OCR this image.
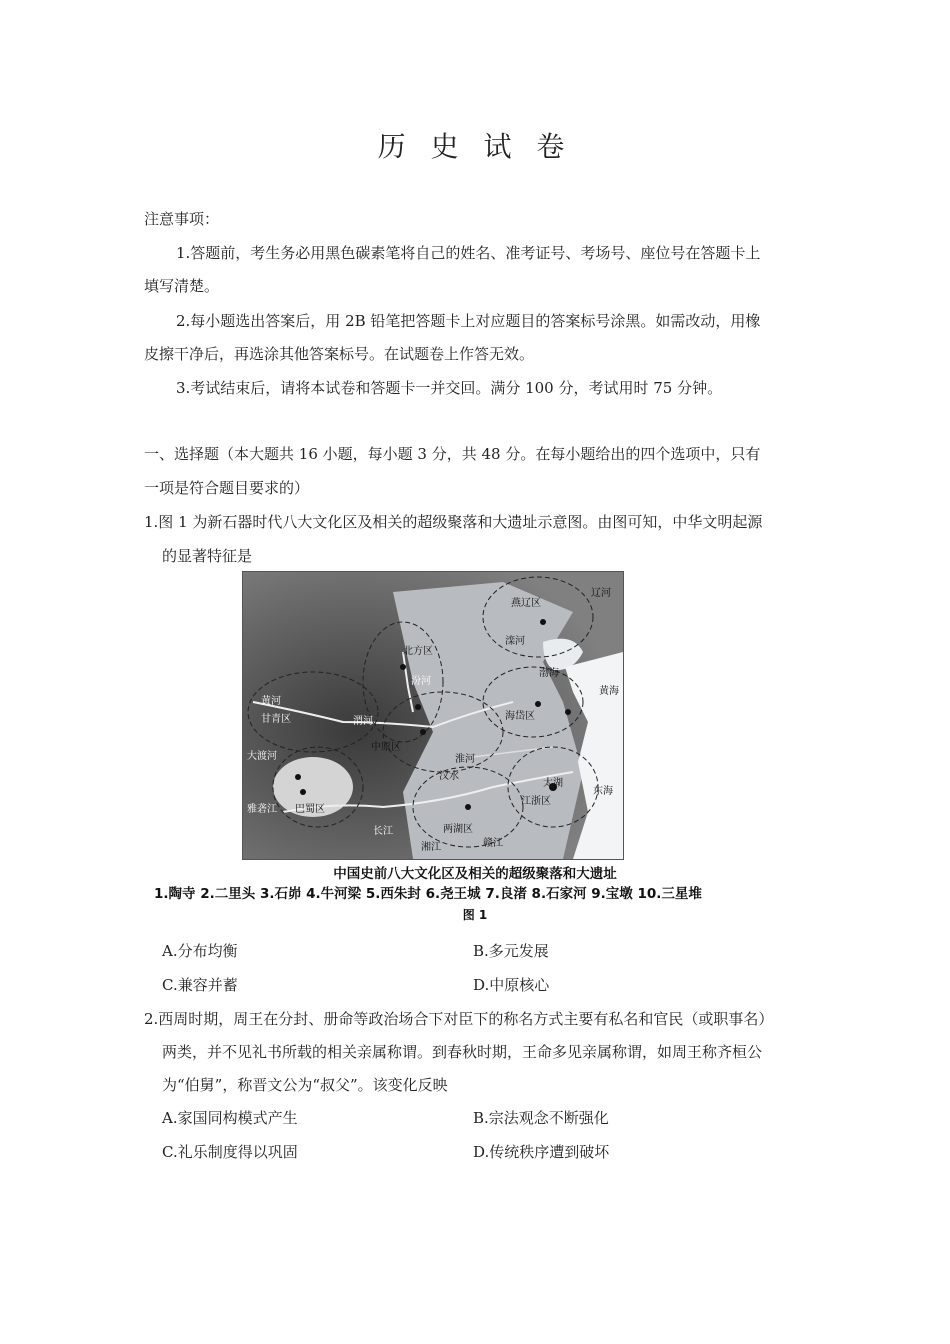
历 史 试 卷
注意事项：
1.答题前，考生务必用黑色碳素笔将自己的姓名、准考证号、考场号、座位号在答题卡上
填写清楚。
2.每小题选出答案后，用 2B 铅笔把答题卡上对应题目的答案标号涂黑。如需改动，用橡
皮擦干净后，再选涂其他答案标号。在试题卷上作答无效。
3.考试结束后，请将本试卷和答题卡一并交回。满分 100 分，考试用时 75 分钟。
一、选择题（本大题共 16 小题，每小题 3 分，共 48 分。在每小题给出的四个选项中，只有
一项是符合题目要求的）
1.图 1 为新石器时代八大文化区及相关的超级聚落和大遗址示意图。由图可知，中华文明起源
的显著特征是
燕辽区
辽河
滦河
渤海
黄海
北方区
汾河
黄河
甘青区	渭河
中原区
海岱区
淮河
江浙区
太湖
东海
巴蜀区
两湖区
长江
大渡河
雅砻江
汉水
赣江
湘江
中国史前八大文化区及相关的超级聚落和大遗址
1.陶寺 2.二里头 3.石峁 4.牛河梁 5.西朱封 6.尧王城 7.良渚 8.石家河 9.宝墩 10.三星堆
图 1
A.分布均衡	B.多元发展
C.兼容并蓄	D.中原核心
2.西周时期，周王在分封、册命等政治场合下对臣下的称名方式主要有私名和官民（或职事名）
两类，并不见礼书所载的相关亲属称谓。到春秋时期，王命多见亲属称谓，如周王称齐桓公
为“伯舅”，称晋文公为“叔父”。该变化反映
A.家国同构模式产生	B.宗法观念不断强化
C.礼乐制度得以巩固	D.传统秩序遭到破坏
